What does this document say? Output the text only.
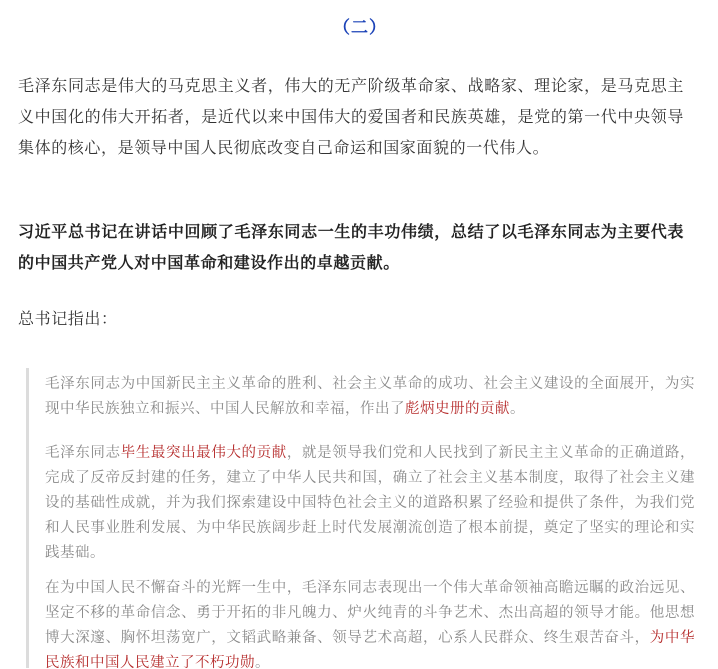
（二）

毛泽东同志是伟大的马克思主义者，伟大的无产阶级革命家、战略家、理论家，是马克思主义中国化的伟大开拓者，是近代以来中国伟大的爱国者和民族英雄，是党的第一代中央领导集体的核心，是领导中国人民彻底改变自己命运和国家面貌的一代伟人。

习近平总书记在讲话中回顾了毛泽东同志一生的丰功伟绩，总结了以毛泽东同志为主要代表的中国共产党人对中国革命和建设作出的卓越贡献。

总书记指出：

毛泽东同志为中国新民主主义革命的胜利、社会主义革命的成功、社会主义建设的全面展开，为实现中华民族独立和振兴、中国人民解放和幸福，作出了彪炳史册的贡献。

毛泽东同志毕生最突出最伟大的贡献，就是领导我们党和人民找到了新民主主义革命的正确道路，完成了反帝反封建的任务，建立了中华人民共和国，确立了社会主义基本制度，取得了社会主义建设的基础性成就，并为我们探索建设中国特色社会主义的道路积累了经验和提供了条件，为我们党和人民事业胜利发展、为中华民族阔步赶上时代发展潮流创造了根本前提，奠定了坚实的理论和实践基础。

在为中国人民不懈奋斗的光辉一生中，毛泽东同志表现出一个伟大革命领袖高瞻远瞩的政治远见、坚定不移的革命信念、勇于开拓的非凡魄力、炉火纯青的斗争艺术、杰出高超的领导才能。他思想博大深邃、胸怀坦荡宽广，文韬武略兼备、领导艺术高超，心系人民群众、终生艰苦奋斗，为中华民族和中国人民建立了不朽功勋。
